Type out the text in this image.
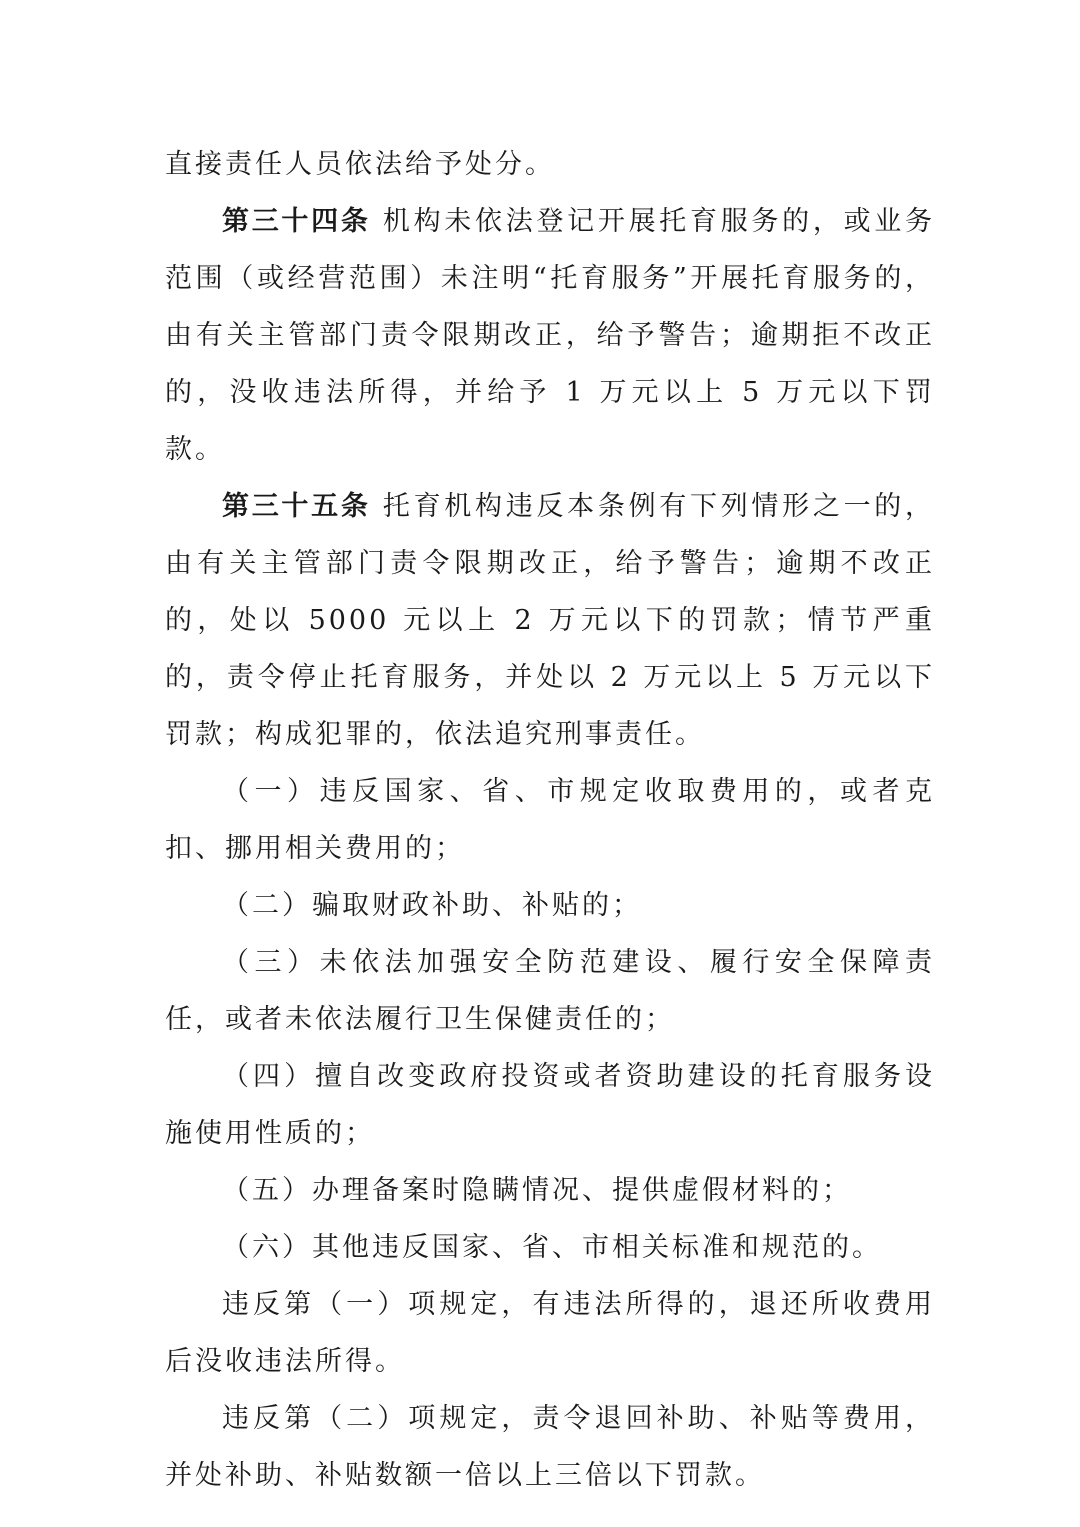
直接责任人员依法给予处分。

第三十四条 机构未依法登记开展托育服务的，或业务范围（或经营范围）未注明“托育服务”开展托育服务的，由有关主管部门责令限期改正，给予警告；逾期拒不改正的，没收违法所得，并给予 1 万元以上 5 万元以下罚款。

第三十五条 托育机构违反本条例有下列情形之一的，由有关主管部门责令限期改正，给予警告；逾期不改正的，处以 5000 元以上 2 万元以下的罚款；情节严重的，责令停止托育服务，并处以 2 万元以上 5 万元以下罚款；构成犯罪的，依法追究刑事责任。

（一）违反国家、省、市规定收取费用的，或者克扣、挪用相关费用的；

（二）骗取财政补助、补贴的；

（三）未依法加强安全防范建设、履行安全保障责任，或者未依法履行卫生保健责任的；

（四）擅自改变政府投资或者资助建设的托育服务设施使用性质的；

（五）办理备案时隐瞒情况、提供虚假材料的；

（六）其他违反国家、省、市相关标准和规范的。

违反第（一）项规定，有违法所得的，退还所收费用后没收违法所得。

违反第（二）项规定，责令退回补助、补贴等费用，并处补助、补贴数额一倍以上三倍以下罚款。
